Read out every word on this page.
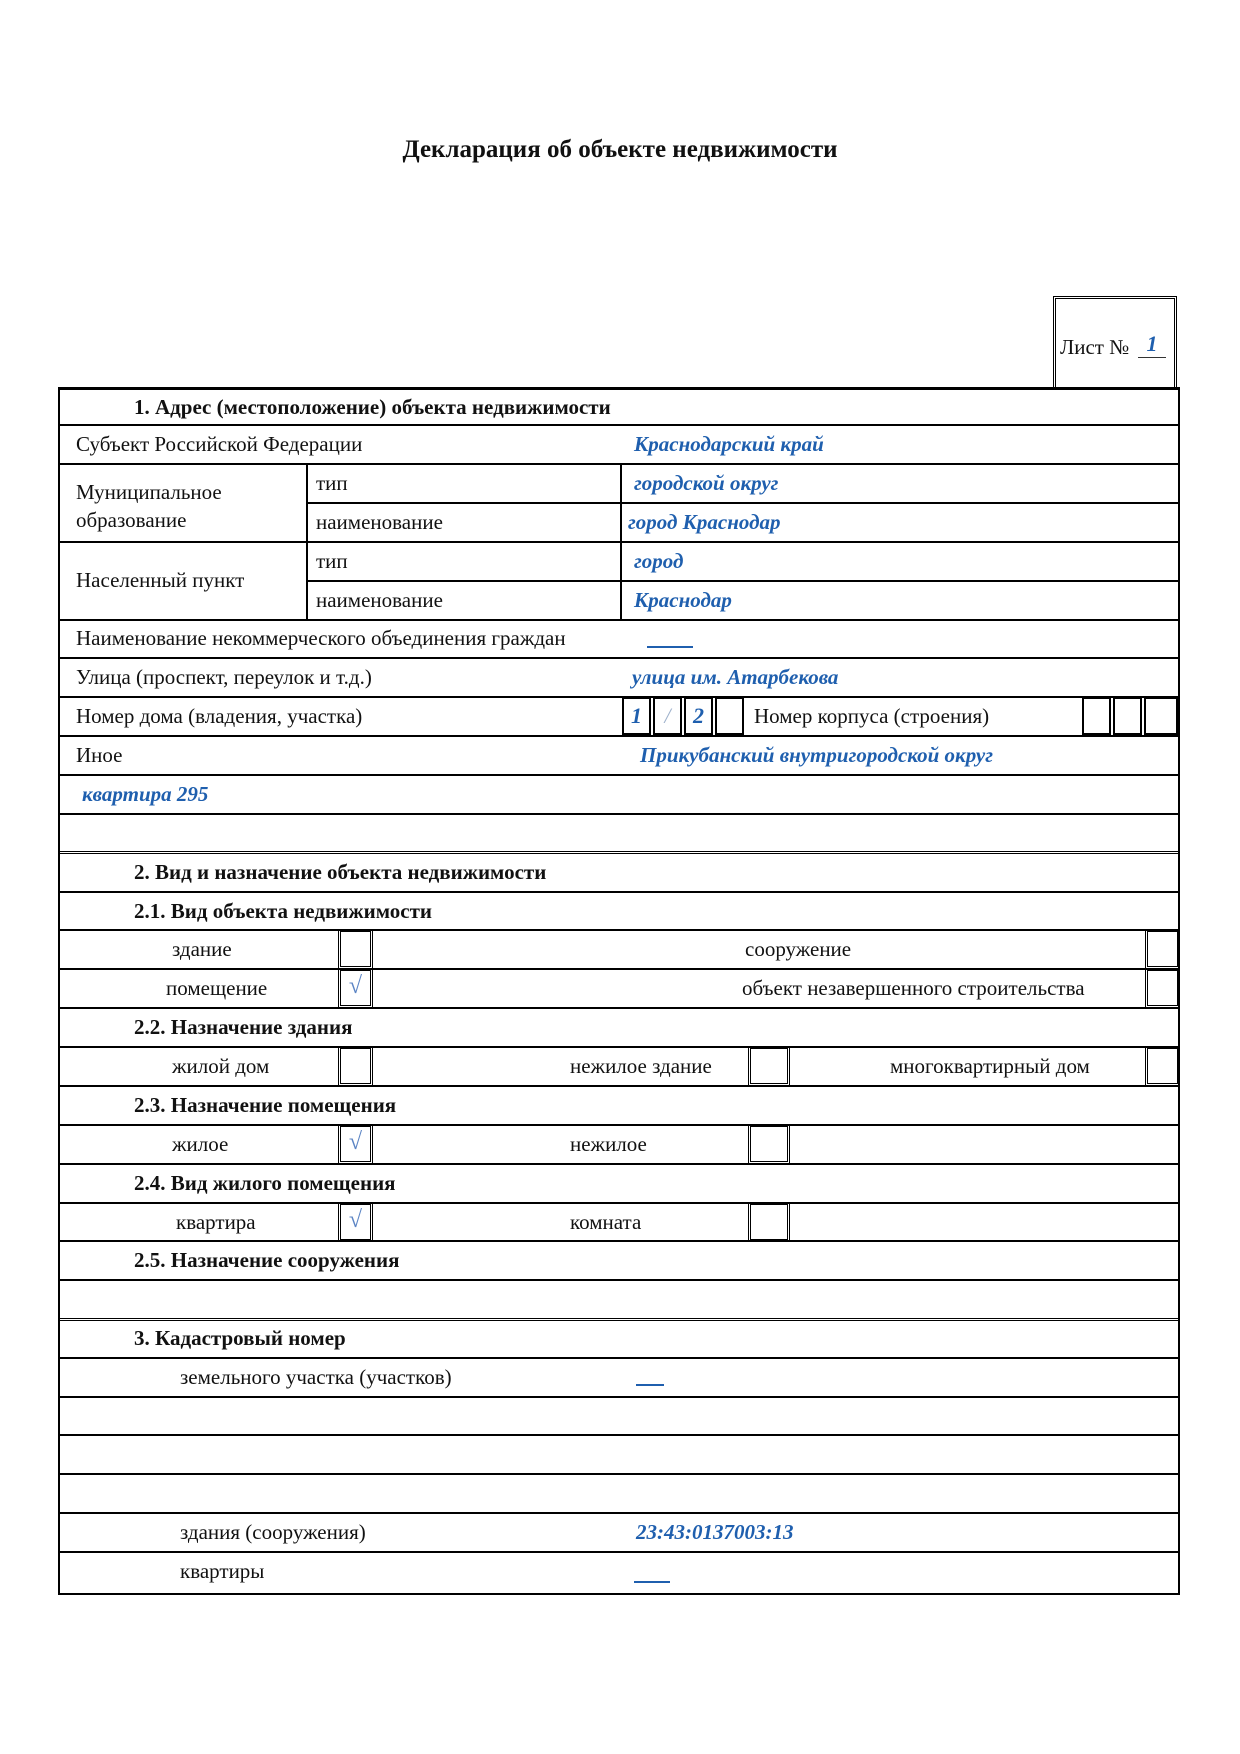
Декларация об объекте недвижимости
Лист № 1
1. Адрес (местоположение) объекта недвижимости
Субъект Российской Федерации	Краснодарский край
Муниципальное образование
тип	городской округ
наименование	город Краснодар
Населенный пункт
тип	город
наименование	Краснодар
Наименование некоммерческого объединения граждан
Улица (проспект, переулок и т.д.)	улица им. Атарбекова
Номер дома (владения, участка)	1	/	2	Номер корпуса (строения)
Иное	Прикубанский внутригородской округ
квартира 295
2. Вид и назначение объекта недвижимости
2.1. Вид объекта недвижимости
здание	сооружение
помещение	√	объект незавершенного строительства
2.2. Назначение здания
жилой дом	нежилое здание	многоквартирный дом
2.3. Назначение помещения
жилое	√	нежилое
2.4. Вид жилого помещения
квартира	√	комната
2.5. Назначение сооружения
3. Кадастровый номер
земельного участка (участков)
здания (сооружения)	23:43:0137003:13
квартиры
